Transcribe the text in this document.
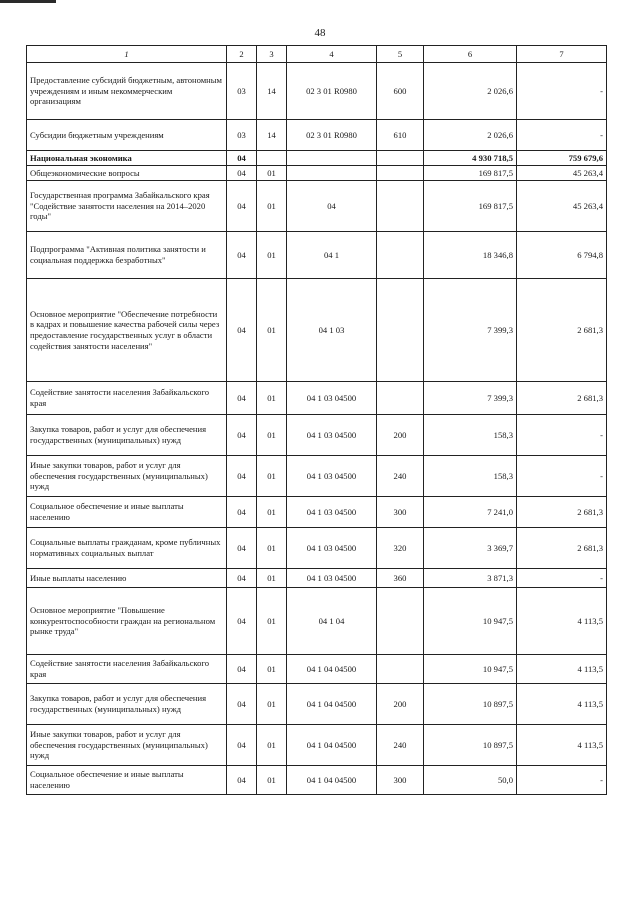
48
1	2	3	4	5	6	7
Предоставление субсидий бюджетным, автономным учреждениям и иным некоммерческим организациям	03	14	02 3 01 R0980	600	2 026,6	-
Субсидии бюджетным учреждениям	03	14	02 3 01 R0980	610	2 026,6	-
Национальная экономика	04				4 930 718,5	759 679,6
Общеэкономические вопросы	04	01			169 817,5	45 263,4
Государственная программа Забайкальского края "Содействие занятости населения на 2014–2020 годы"	04	01	04		169 817,5	45 263,4
Подпрограмма "Активная политика занятости и социальная поддержка безработных"	04	01	04 1		18 346,8	6 794,8
Основное мероприятие "Обеспечение потребности в кадрах и повышение качества рабочей силы через предоставление государственных услуг в области содействия занятости населения"	04	01	04 1 03		7 399,3	2 681,3
Содействие занятости населения Забайкальского края	04	01	04 1 03 04500		7 399,3	2 681,3
Закупка товаров, работ и услуг для обеспечения государственных (муниципальных) нужд	04	01	04 1 03 04500	200	158,3	-
Иные закупки товаров, работ и услуг для обеспечения государственных (муниципальных) нужд	04	01	04 1 03 04500	240	158,3	-
Социальное обеспечение и иные выплаты населению	04	01	04 1 03 04500	300	7 241,0	2 681,3
Социальные выплаты гражданам, кроме публичных нормативных социальных выплат	04	01	04 1 03 04500	320	3 369,7	2 681,3
Иные выплаты населению	04	01	04 1 03 04500	360	3 871,3	-
Основное мероприятие "Повышение конкурентоспособности граждан на региональном рынке труда"	04	01	04 1 04		10 947,5	4 113,5
Содействие занятости населения Забайкальского края	04	01	04 1 04 04500		10 947,5	4 113,5
Закупка товаров, работ и услуг для обеспечения государственных (муниципальных) нужд	04	01	04 1 04 04500	200	10 897,5	4 113,5
Иные закупки товаров, работ и услуг для обеспечения государственных (муниципальных) нужд	04	01	04 1 04 04500	240	10 897,5	4 113,5
Социальное обеспечение и иные выплаты населению	04	01	04 1 04 04500	300	50,0	-
